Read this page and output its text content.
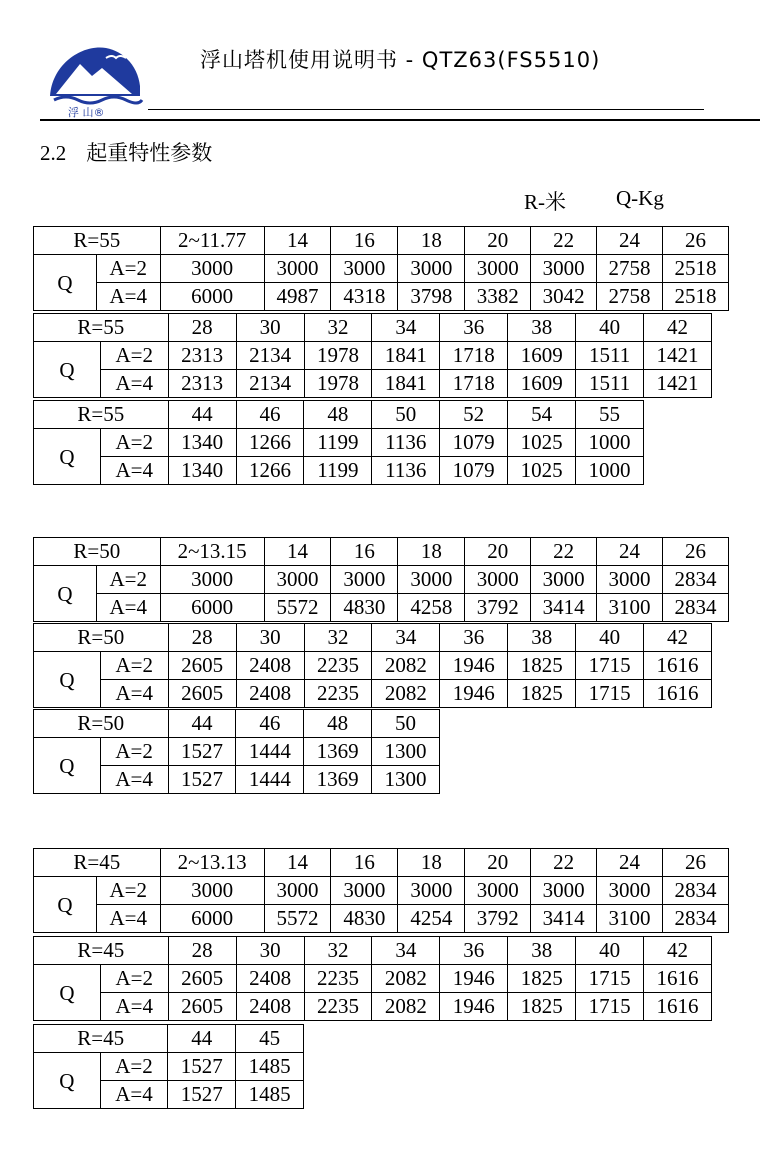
浮 山®
浮山塔机使用说明书 - QTZ63(FS5510)
2.2 起重特性参数
R-米 Q-Kg
R=55		2~11.77	14	16	18	20	22	24	26
Q	A=2	3000	3000	3000	3000	3000	3000	2758	2518
	A=4	6000	4987	4318	3798	3382	3042	2758	2518
R=55		28	30	32	34	36	38	40	42
Q	A=2	2313	2134	1978	1841	1718	1609	1511	1421
	A=4	2313	2134	1978	1841	1718	1609	1511	1421
R=55		44	46	48	50	52	54	55
Q	A=2	1340	1266	1199	1136	1079	1025	1000
	A=4	1340	1266	1199	1136	1079	1025	1000
R=50		2~13.15	14	16	18	20	22	24	26
Q	A=2	3000	3000	3000	3000	3000	3000	3000	2834
	A=4	6000	5572	4830	4258	3792	3414	3100	2834
R=50		28	30	32	34	36	38	40	42
Q	A=2	2605	2408	2235	2082	1946	1825	1715	1616
	A=4	2605	2408	2235	2082	1946	1825	1715	1616
R=50		44	46	48	50
Q	A=2	1527	1444	1369	1300
	A=4	1527	1444	1369	1300
R=45		2~13.13	14	16	18	20	22	24	26
Q	A=2	3000	3000	3000	3000	3000	3000	3000	2834
	A=4	6000	5572	4830	4254	3792	3414	3100	2834
R=45		28	30	32	34	36	38	40	42
Q	A=2	2605	2408	2235	2082	1946	1825	1715	1616
	A=4	2605	2408	2235	2082	1946	1825	1715	1616
R=45		44	45
Q	A=2	1527	1485
	A=4	1527	1485
